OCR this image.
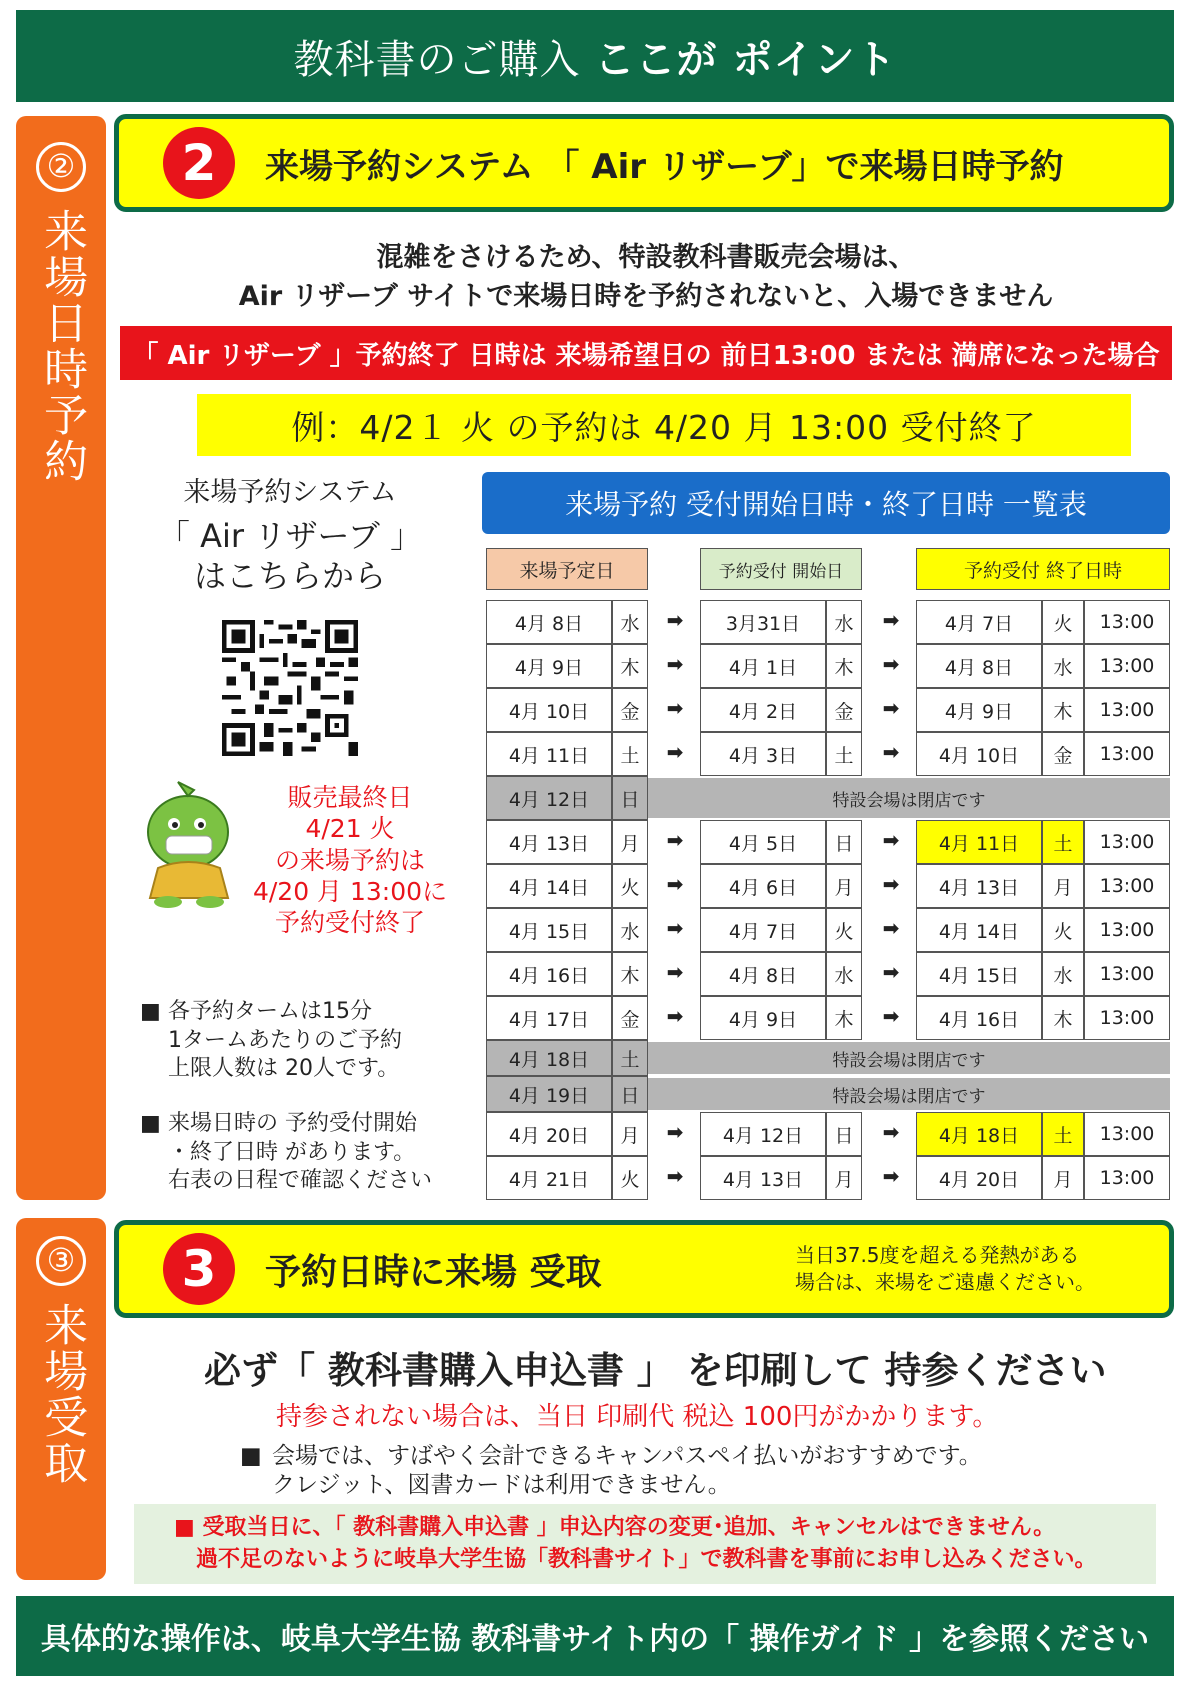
教科書のご購入 ここが ポイント
②
来場日時予約
2	来場予約システム 「 Air リザーブ」で来場日時予約
混雑をさけるため、特設教科書販売会場は、
Air リザーブ サイトで来場日時を予約されないと、入場できません
「 Air リザーブ 」予約終了 日時は 来場希望日の 前日13:00 または 満席になった場合
例：4/2１ 火 の予約は 4/20 月 13:00 受付終了
来場予約システム
「 Air リザーブ 」
はこちらから
販売最終日
4/21 火
の来場予約は
4/20 月 13:00に
予約受付終了
■ 各予約タームは15分
1タームあたりのご予約
上限人数は 20人です。
■ 来場日時の 予約受付開始
・終了日時 があります。
右表の日程で確認ください
来場予約 受付開始日時・終了日時 一覧表
来場予定日	予約受付 開始日	予約受付 終了日時
4月 8日	水	➡	3月31日	水	➡	4月 7日	火	13:00
4月 9日	木	➡	4月 1日	木	➡	4月 8日	水	13:00
4月 10日	金	➡	4月 2日	金	➡	4月 9日	木	13:00
4月 11日	土	➡	4月 3日	土	➡	4月 10日	金	13:00
4月 12日	日	特設会場は閉店です
4月 13日	月	➡	4月 5日	日	➡	4月 11日	土	13:00
4月 14日	火	➡	4月 6日	月	➡	4月 13日	月	13:00
4月 15日	水	➡	4月 7日	火	➡	4月 14日	火	13:00
4月 16日	木	➡	4月 8日	水	➡	4月 15日	水	13:00
4月 17日	金	➡	4月 9日	木	➡	4月 16日	木	13:00
4月 18日	土	特設会場は閉店です
4月 19日	日	特設会場は閉店です
4月 20日	月	➡	4月 12日	日	➡	4月 18日	土	13:00
4月 21日	火	➡	4月 13日	月	➡	4月 20日	月	13:00
③
来場受取
3	予約日時に来場 受取	当日37.5度を超える発熱がある
場合は、来場をご遠慮ください。
必ず「 教科書購入申込書 」 を印刷して 持参ください
持参されない場合は、当日 印刷代 税込 100円がかかります。
■ 会場では、すばやく会計できるキャンパスペイ払いがおすすめです。
クレジット、図書カードは利用できません。
■ 受取当日に、「 教科書購入申込書 」申込内容の変更･追加、キャンセルはできません。
過不足のないように岐阜大学生協「教科書サイト」で教科書を事前にお申し込みください。
具体的な操作は、岐阜大学生協 教科書サイト内の「 操作ガイド 」を参照ください
